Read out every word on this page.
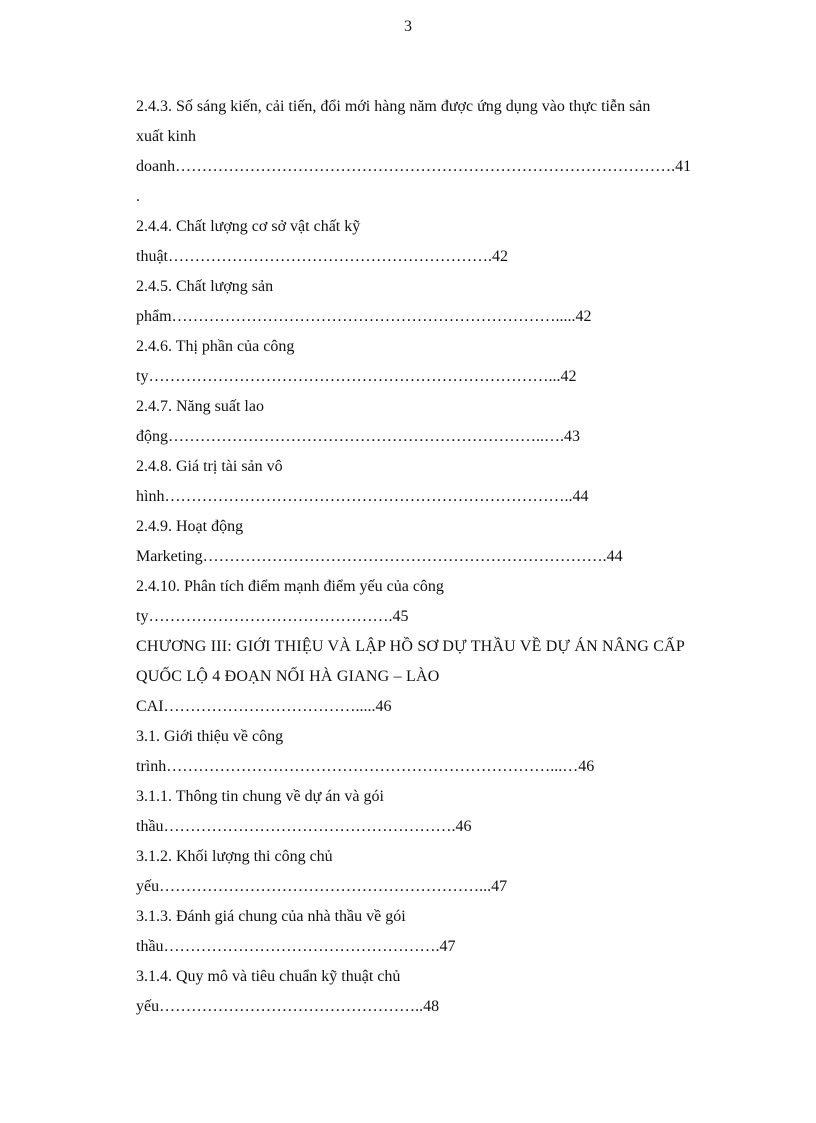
3
2.4.3. Số sáng kiến, cải tiến, đổi mới hàng năm được ứng dụng vào thực tiễn sản
xuất kinh
doanh………………………………………………………………………………….41
.
2.4.4. Chất lượng cơ sở vật chất kỹ
thuật…………………………………………………….42
2.4.5. Chất lượng sản
phẩm……………………………………………………………….....42
2.4.6. Thị phần của công
ty…………………………………………………………………...42
2.4.7. Năng suất lao
động……………………………………………………………..….43
2.4.8. Giá trị tài sản vô
hình…………………………………………………………………..44
2.4.9. Hoạt động
Marketing………………………………………………………………….44
2.4.10. Phân tích điểm mạnh điểm yếu của công
ty……………………………………….45
CHƯƠNG III: GIỚI THIỆU VÀ LẬP HỒ SƠ DỰ THẦU VỀ DỰ ÁN NÂNG CẤP
QUỐC LỘ 4 ĐOẠN NỐI HÀ GIANG – LÀO
CAI……………………………….....46
3.1. Giới thiệu về công
trình………………………………………………………………...…46
3.1.1. Thông tin chung về dự án và gói
thầu……………………………………………….46
3.1.2. Khối lượng thi công chủ
yếu……………………………………………………...47
3.1.3. Đánh giá chung của nhà thầu về gói
thầu…………………………………………….47
3.1.4. Quy mô và tiêu chuẩn kỹ thuật chủ
yếu…………………………………………..48
